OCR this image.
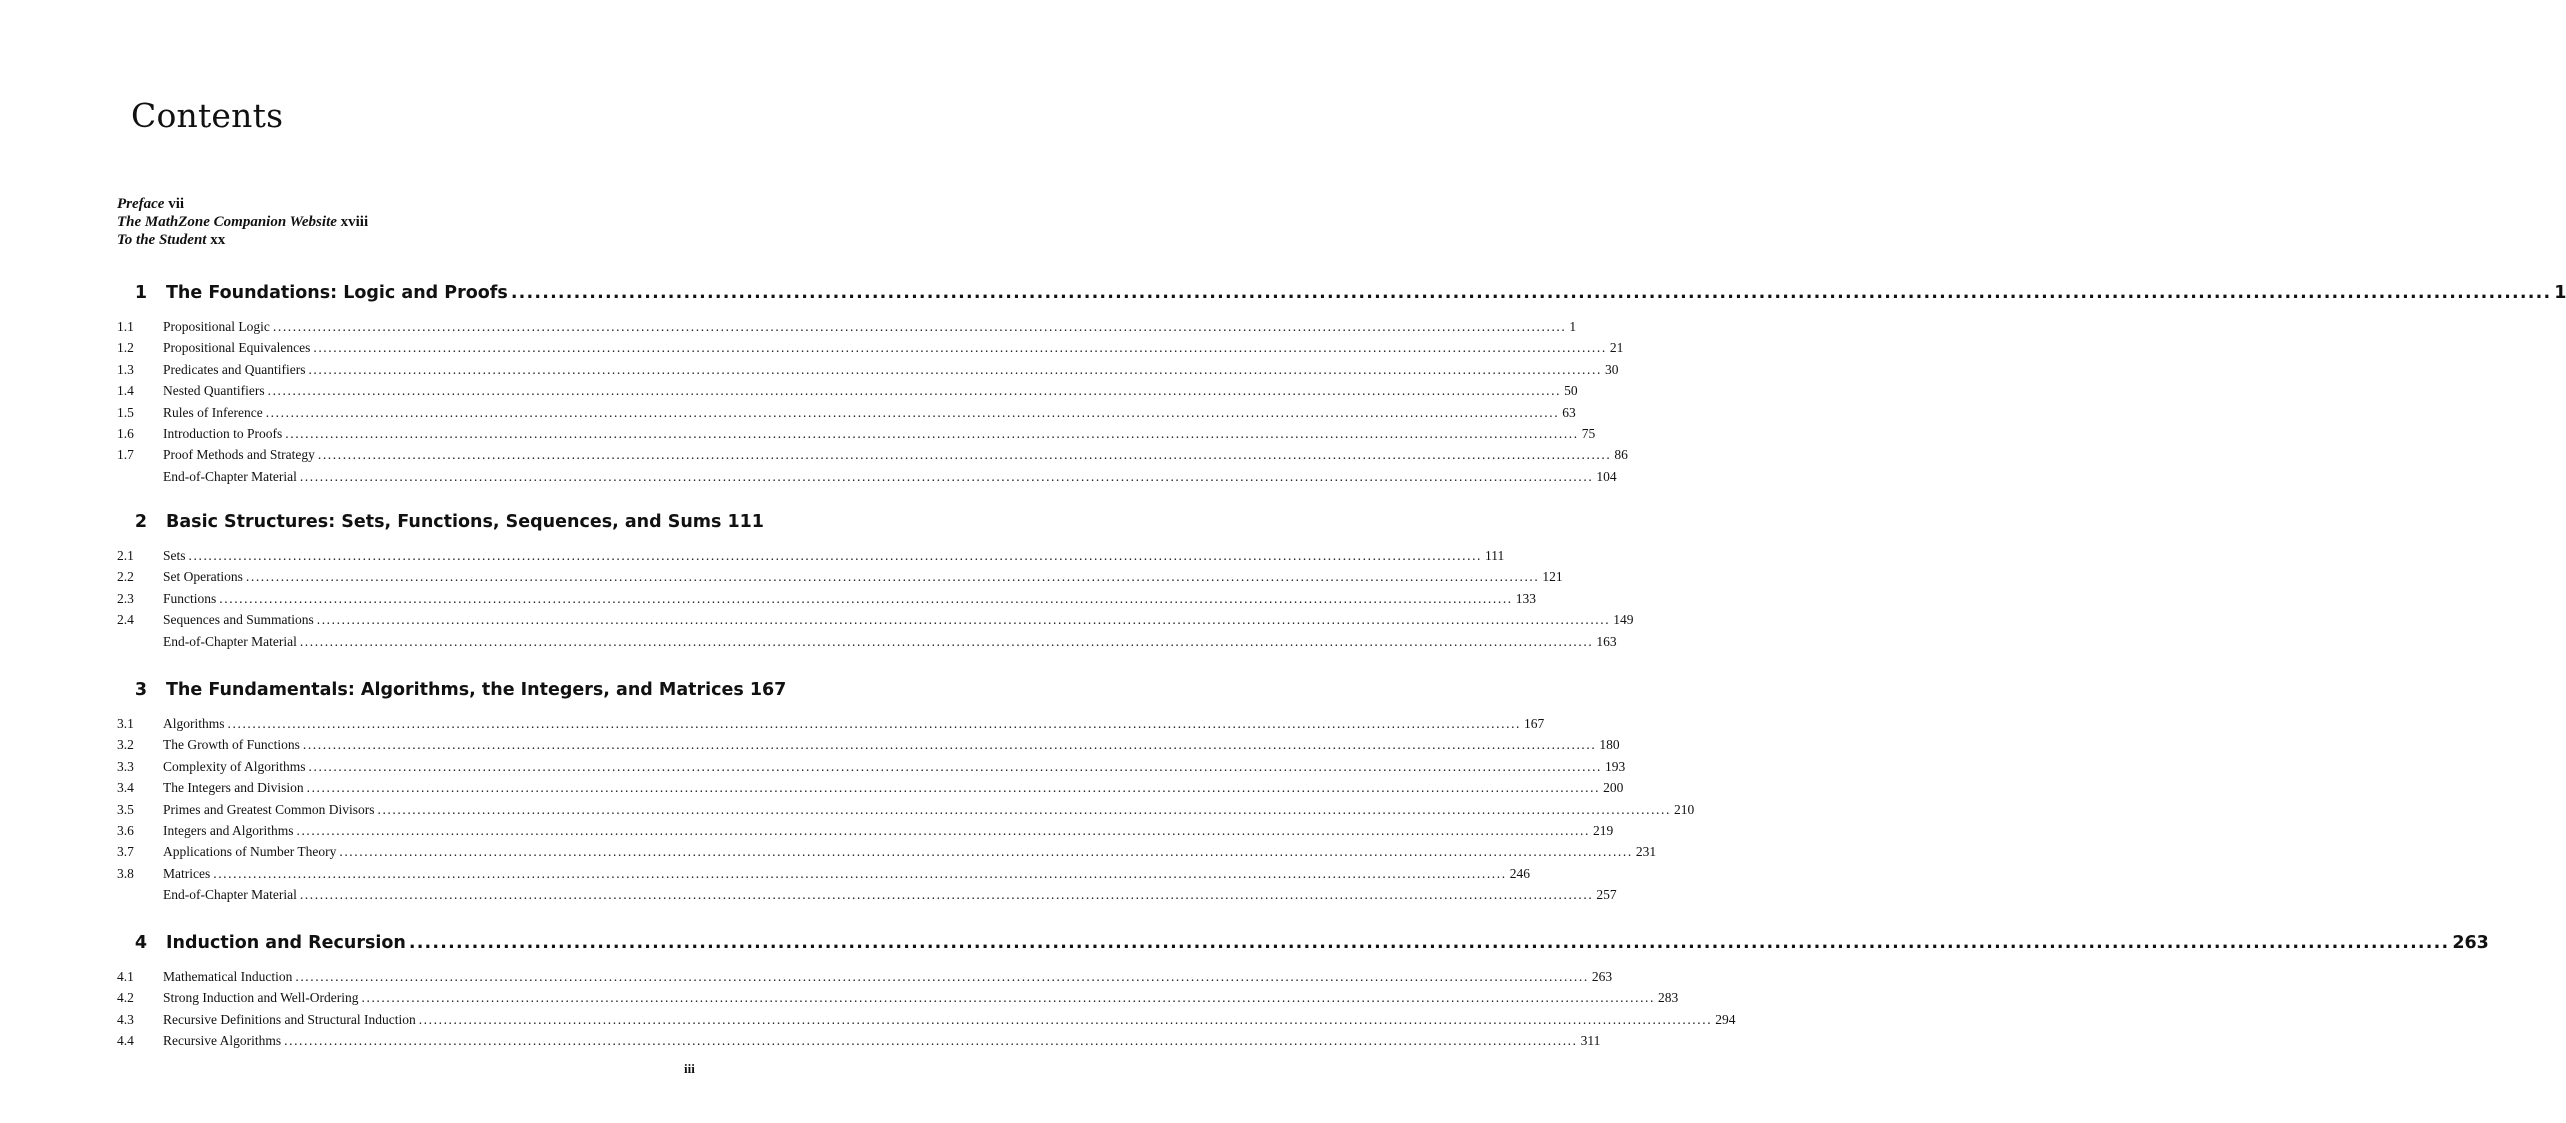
Contents
Preface vii
The MathZone Companion Website xviii
To the Student xx
1	The Foundations: Logic and Proofs .................................................................................................................................................................................................................................................................... 1
1.1	Propositional Logic .................................................................................................................................................................................................................................................................... 1
1.2	Propositional Equivalences .................................................................................................................................................................................................................................................................... 21
1.3	Predicates and Quantifiers .................................................................................................................................................................................................................................................................... 30
1.4	Nested Quantifiers .................................................................................................................................................................................................................................................................... 50
1.5	Rules of Inference .................................................................................................................................................................................................................................................................... 63
1.6	Introduction to Proofs .................................................................................................................................................................................................................................................................... 75
1.7	Proof Methods and Strategy .................................................................................................................................................................................................................................................................... 86
End-of-Chapter Material .................................................................................................................................................................................................................................................................... 104
2	Basic Structures: Sets, Functions, Sequences, and Sums 111
2.1	Sets .................................................................................................................................................................................................................................................................... 111
2.2	Set Operations .................................................................................................................................................................................................................................................................... 121
2.3	Functions .................................................................................................................................................................................................................................................................... 133
2.4	Sequences and Summations .................................................................................................................................................................................................................................................................... 149
End-of-Chapter Material .................................................................................................................................................................................................................................................................... 163
3	The Fundamentals: Algorithms, the Integers, and Matrices 167
3.1	Algorithms .................................................................................................................................................................................................................................................................... 167
3.2	The Growth of Functions .................................................................................................................................................................................................................................................................... 180
3.3	Complexity of Algorithms .................................................................................................................................................................................................................................................................... 193
3.4	The Integers and Division .................................................................................................................................................................................................................................................................... 200
3.5	Primes and Greatest Common Divisors .................................................................................................................................................................................................................................................................... 210
3.6	Integers and Algorithms .................................................................................................................................................................................................................................................................... 219
3.7	Applications of Number Theory .................................................................................................................................................................................................................................................................... 231
3.8	Matrices .................................................................................................................................................................................................................................................................... 246
End-of-Chapter Material .................................................................................................................................................................................................................................................................... 257
4	Induction and Recursion .................................................................................................................................................................................................................................................................... 263
4.1	Mathematical Induction .................................................................................................................................................................................................................................................................... 263
4.2	Strong Induction and Well-Ordering .................................................................................................................................................................................................................................................................... 283
4.3	Recursive Definitions and Structural Induction .................................................................................................................................................................................................................................................................... 294
4.4	Recursive Algorithms .................................................................................................................................................................................................................................................................... 311
iii
